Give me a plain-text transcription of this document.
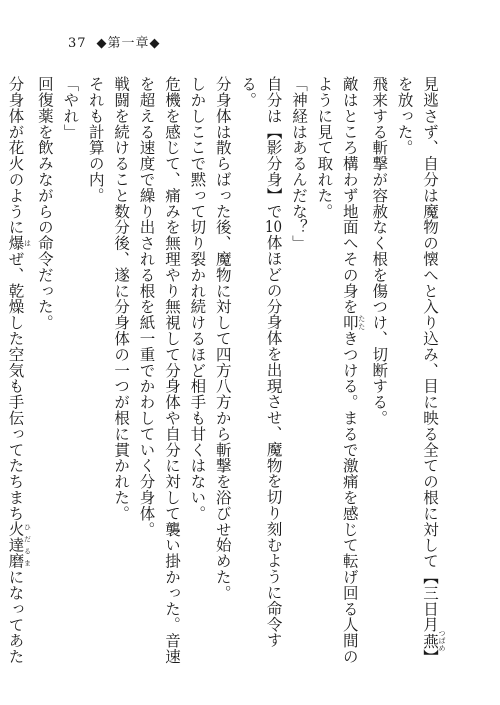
37 ◆第一章◆

見逃さず、自分は魔物の懐へと入り込み、目に映る全ての根に対して【三日月燕 つばめ】を放った。

飛来する斬撃が容赦なく根を傷つけ、切断する。

敵はところ構わず地面へその身を叩 たたきつける。まるで激痛を感じて転げ回る人間のように見て取れた。

「神経はあるんだな？」

自分は【影分身】で10体ほどの分身体を出現させ、魔物を切り刻むように命令する。

分身体は散らばった後、魔物に対して四方八方から斬撃を浴びせ始めた。

しかしここで黙って切り裂かれ続けるほど相手も甘くはない。

危機を感じて、痛みを無理やり無視して分身体や自分に対して襲い掛かった。音速を超える速度で繰り出される根を紙一重でかわしていく分身体。

戦闘を続けること数分後、遂に分身体の一つが根に貫かれた。

それも計算の内。

「やれ」

回復薬を飲みながらの命令だった。

分身体が花火のように爆 はぜ、乾燥した空気も手伝ってたちまち火達磨 ひだるまになってあた
